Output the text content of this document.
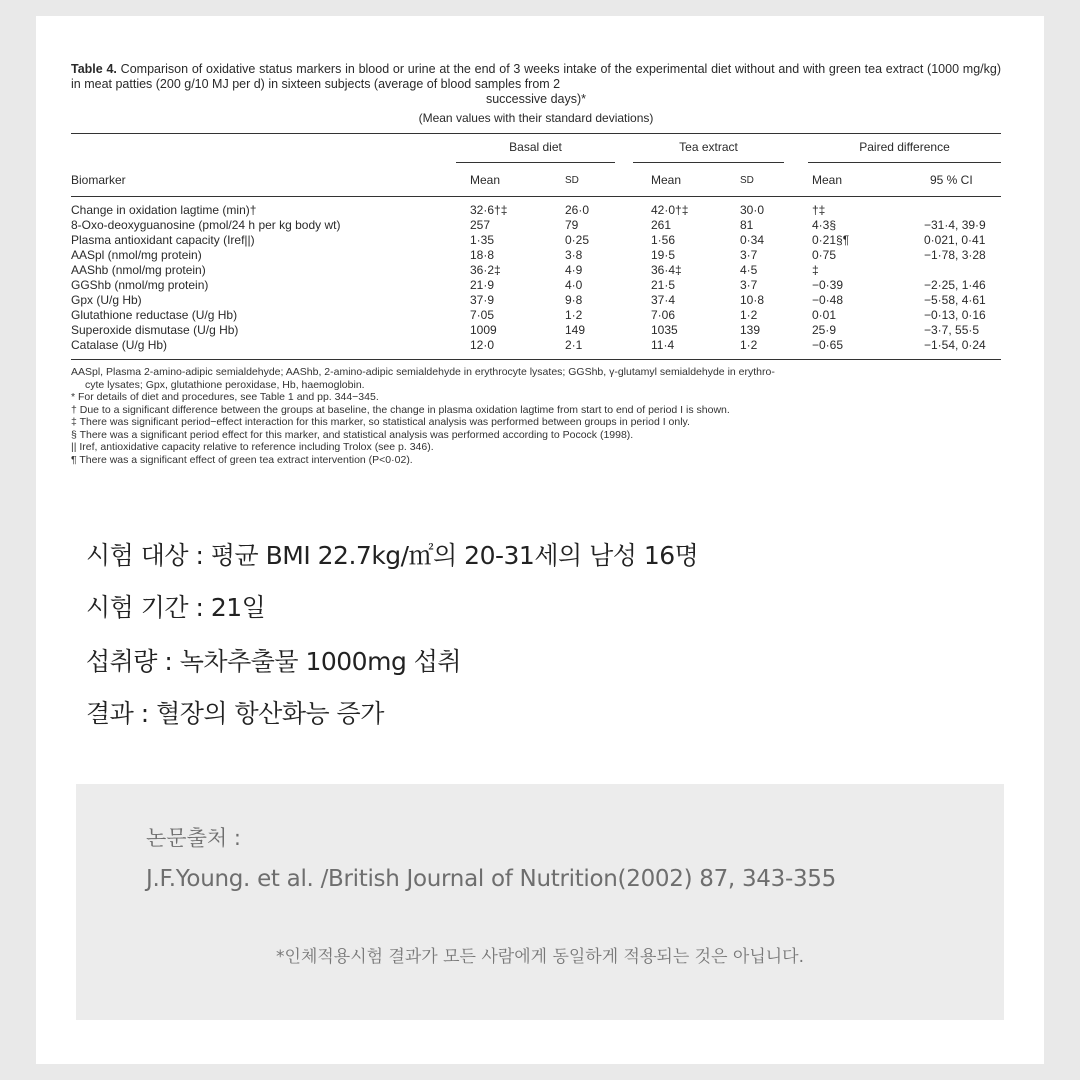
Table 4. Comparison of oxidative status markers in blood or urine at the end of 3 weeks intake of the experimental diet without and with green tea extract (1000 mg/kg) in meat patties (200 g/10 MJ per d) in sixteen subjects (average of blood samples from 2
successive days)*
(Mean values with their standard deviations)

	Basal diet		Tea extract		Paired difference	

Biomarker	Mean	SD	Mean	SD	Mean	95 % CI

Change in oxidation lagtime (min)†	32·6†‡	26·0	42·0†‡	30·0	†‡	
8-Oxo-deoxyguanosine (pmol/24 h per kg body wt)	257	79	261	81	4·3§	−31·4, 39·9
Plasma antioxidant capacity (Iref||)	1·35	0·25	1·56	0·34	0·21§¶	0·021, 0·41
AASpl (nmol/mg protein)	18·8	3·8	19·5	3·7	0·75	−1·78, 3·28
AAShb (nmol/mg protein)	36·2‡	4·9	36·4‡	4·5	‡	
GGShb (nmol/mg protein)	21·9	4·0	21·5	3·7	−0·39	−2·25, 1·46
Gpx (U/g Hb)	37·9	9·8	37·4	10·8	−0·48	−5·58, 4·61
Glutathione reductase (U/g Hb)	7·05	1·2	7·06	1·2	0·01	−0·13, 0·16
Superoxide dismutase (U/g Hb)	1009	149	1035	139	25·9	−3·7, 55·5
Catalase (U/g Hb)	12·0	2·1	11·4	1·2	−0·65	−1·54, 0·24

AASpl, Plasma 2-amino-adipic semialdehyde; AAShb, 2-amino-adipic semialdehyde in erythrocyte lysates; GGShb, γ-glutamyl semialdehyde in erythro-
cyte lysates; Gpx, glutathione peroxidase, Hb, haemoglobin.
* For details of diet and procedures, see Table 1 and pp. 344−345.
† Due to a significant difference between the groups at baseline, the change in plasma oxidation lagtime from start to end of period I is shown.
‡ There was significant period−effect interaction for this marker, so statistical analysis was performed between groups in period I only.
§ There was a significant period effect for this marker, and statistical analysis was performed according to Pocock (1998).
|| Iref, antioxidative capacity relative to reference including Trolox (see p. 346).
¶ There was a significant effect of green tea extract intervention (P<0·02).
시험 대상 : 평균 BMI 22.7kg/㎡의 20-31세의 남성 16명
시험 기간 : 21일
섭취량 : 녹차추출물 1000mg 섭취
결과 : 혈장의 항산화능 증가
논문출처 :
J.F.Young. et al. /British Journal of Nutrition(2002) 87, 343-355
*인체적용시험 결과가 모든 사람에게 동일하게 적용되는 것은 아닙니다.
